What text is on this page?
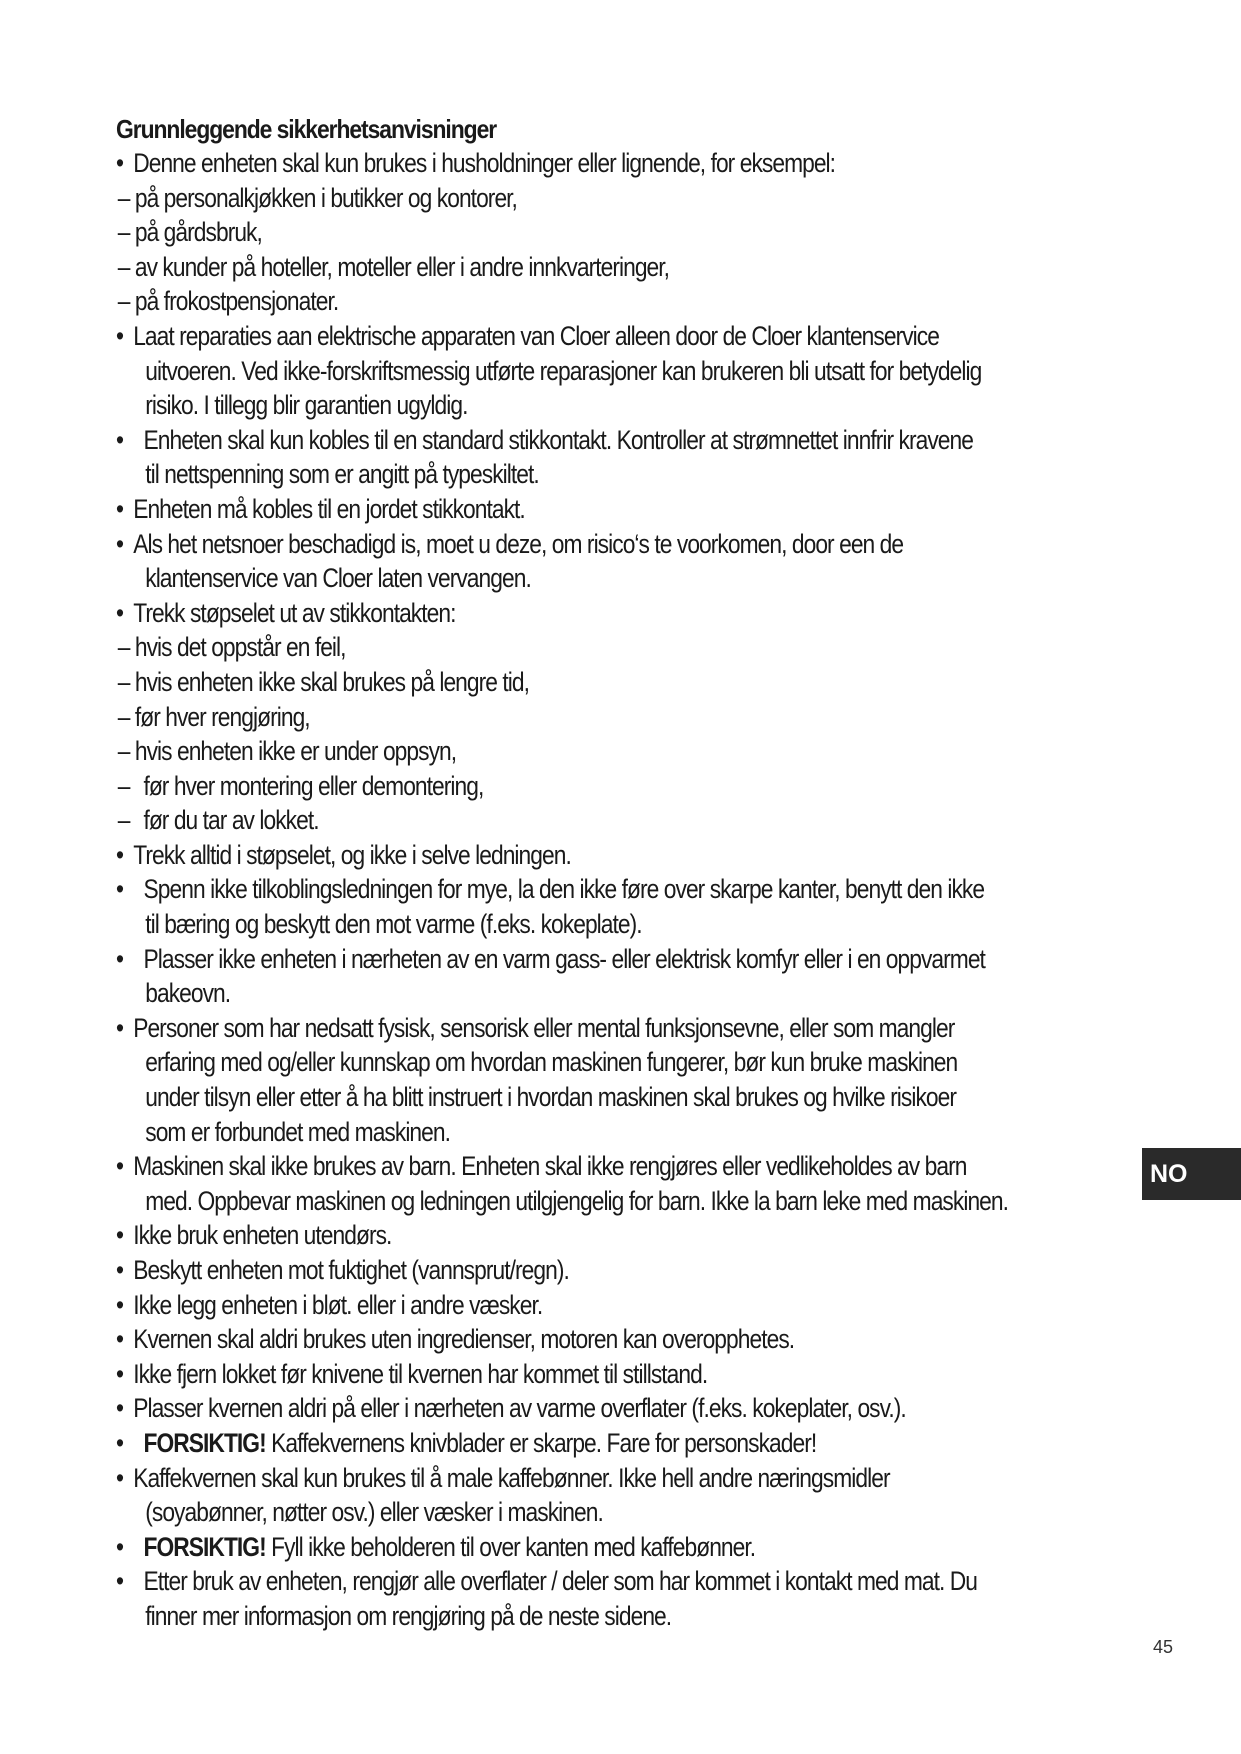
Grunnleggende sikkerhetsanvisninger
• Denne enheten skal kun brukes i husholdninger eller lignende, for eksempel:
– på personalkjøkken i butikker og kontorer,
– på gårdsbruk,
– av kunder på hoteller, moteller eller i andre innkvarteringer,
– på frokostpensjonater.
• Laat reparaties aan elektrische apparaten van Cloer alleen door de Cloer klantenservice
uitvoeren. Ved ikke-forskriftsmessig utførte reparasjoner kan brukeren bli utsatt for betydelig
risiko. I tillegg blir garantien ugyldig.
• Enheten skal kun kobles til en standard stikkontakt. Kontroller at strømnettet innfrir kravene
til nettspenning som er angitt på typeskiltet.
• Enheten må kobles til en jordet stikkontakt.
• Als het netsnoer beschadigd is, moet u deze, om risico‘s te voorkomen, door een de
klantenservice van Cloer laten vervangen.
• Trekk støpselet ut av stikkontakten:
– hvis det oppstår en feil,
– hvis enheten ikke skal brukes på lengre tid,
– før hver rengjøring,
– hvis enheten ikke er under oppsyn,
– før hver montering eller demontering,
– før du tar av lokket.
• Trekk alltid i støpselet, og ikke i selve ledningen.
• Spenn ikke tilkoblingsledningen for mye, la den ikke føre over skarpe kanter, benytt den ikke
til bæring og beskytt den mot varme (f.eks. kokeplate).
• Plasser ikke enheten i nærheten av en varm gass- eller elektrisk komfyr eller i en oppvarmet
bakeovn.
• Personer som har nedsatt fysisk, sensorisk eller mental funksjonsevne, eller som mangler
erfaring med og/eller kunnskap om hvordan maskinen fungerer, bør kun bruke maskinen
under tilsyn eller etter å ha blitt instruert i hvordan maskinen skal brukes og hvilke risikoer
som er forbundet med maskinen.
• Maskinen skal ikke brukes av barn. Enheten skal ikke rengjøres eller vedlikeholdes av barn
med. Oppbevar maskinen og ledningen utilgjengelig for barn. Ikke la barn leke med maskinen.
• Ikke bruk enheten utendørs.
• Beskytt enheten mot fuktighet (vannsprut/regn).
• Ikke legg enheten i bløt. eller i andre væsker.
• Kvernen skal aldri brukes uten ingredienser, motoren kan overopphetes.
• Ikke fjern lokket før knivene til kvernen har kommet til stillstand.
• Plasser kvernen aldri på eller i nærheten av varme overflater (f.eks. kokeplater, osv.).
• FORSIKTIG! Kaffekvernens knivblader er skarpe. Fare for personskader!
• Kaffekvernen skal kun brukes til å male kaffebønner. Ikke hell andre næringsmidler
(soyabønner, nøtter osv.) eller væsker i maskinen.
• FORSIKTIG! Fyll ikke beholderen til over kanten med kaffebønner.
• Etter bruk av enheten, rengjør alle overflater / deler som har kommet i kontakt med mat. Du
finner mer informasjon om rengjøring på de neste sidene.
NO
45
